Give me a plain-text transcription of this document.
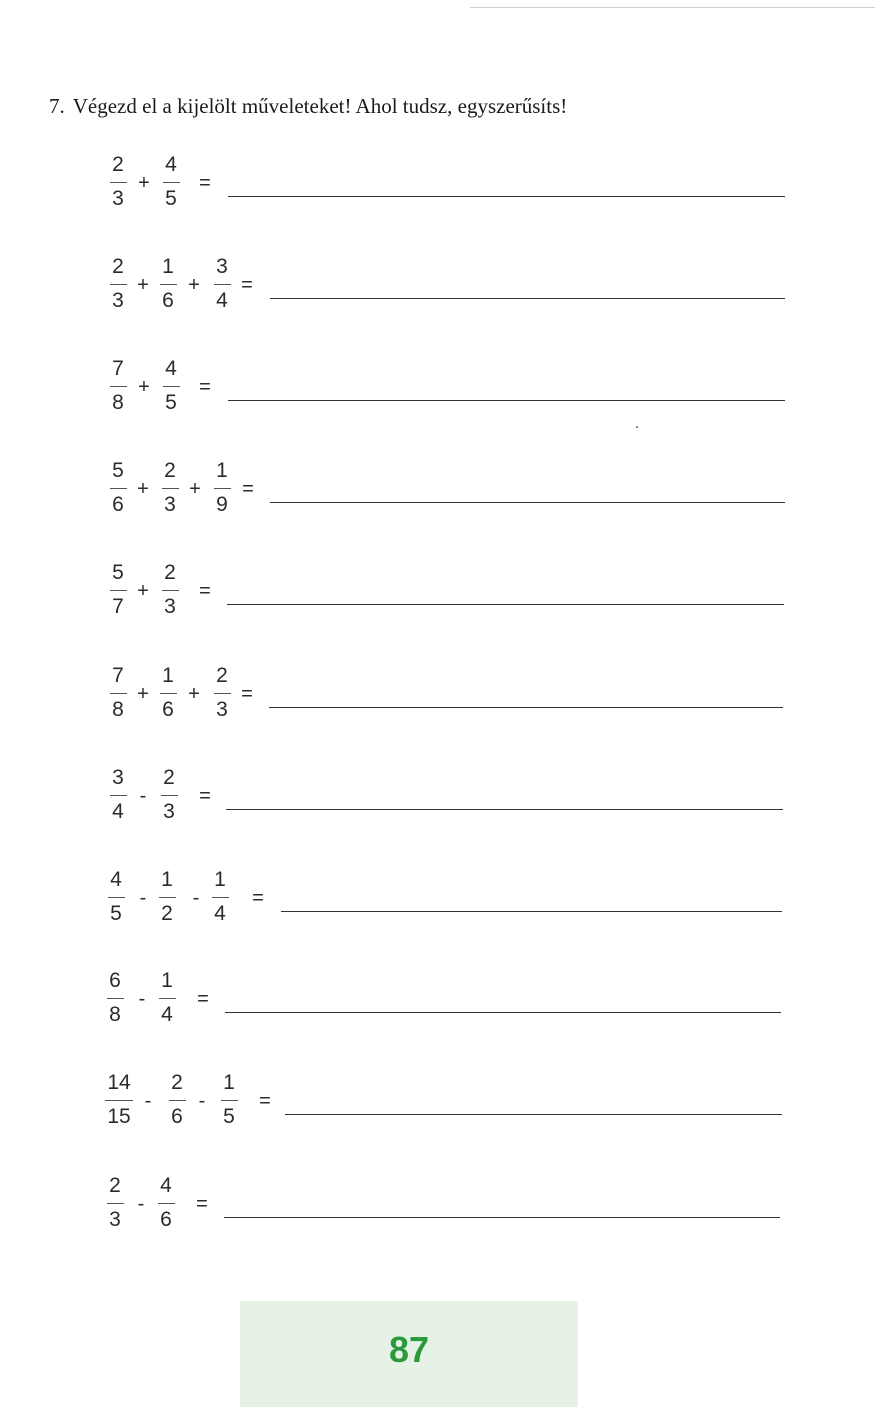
7. Végezd el a kijelölt műveleteket! Ahol tudsz, egyszerűsíts!
2
3
+
4
5
=
2
3
+
1
6
+
3
4
=
7
8
+
4
5
=
5
6
+
2
3
+
1
9
=
5
7
+
2
3
=
7
8
+
1
6
+
2
3
=
3
4
-
2
3
=
4
5
-
1
2
-
1
4
=
6
8
-
1
4
=
14
15
-
2
6
-
1
5
=
2
3
-
4
6
=
87
